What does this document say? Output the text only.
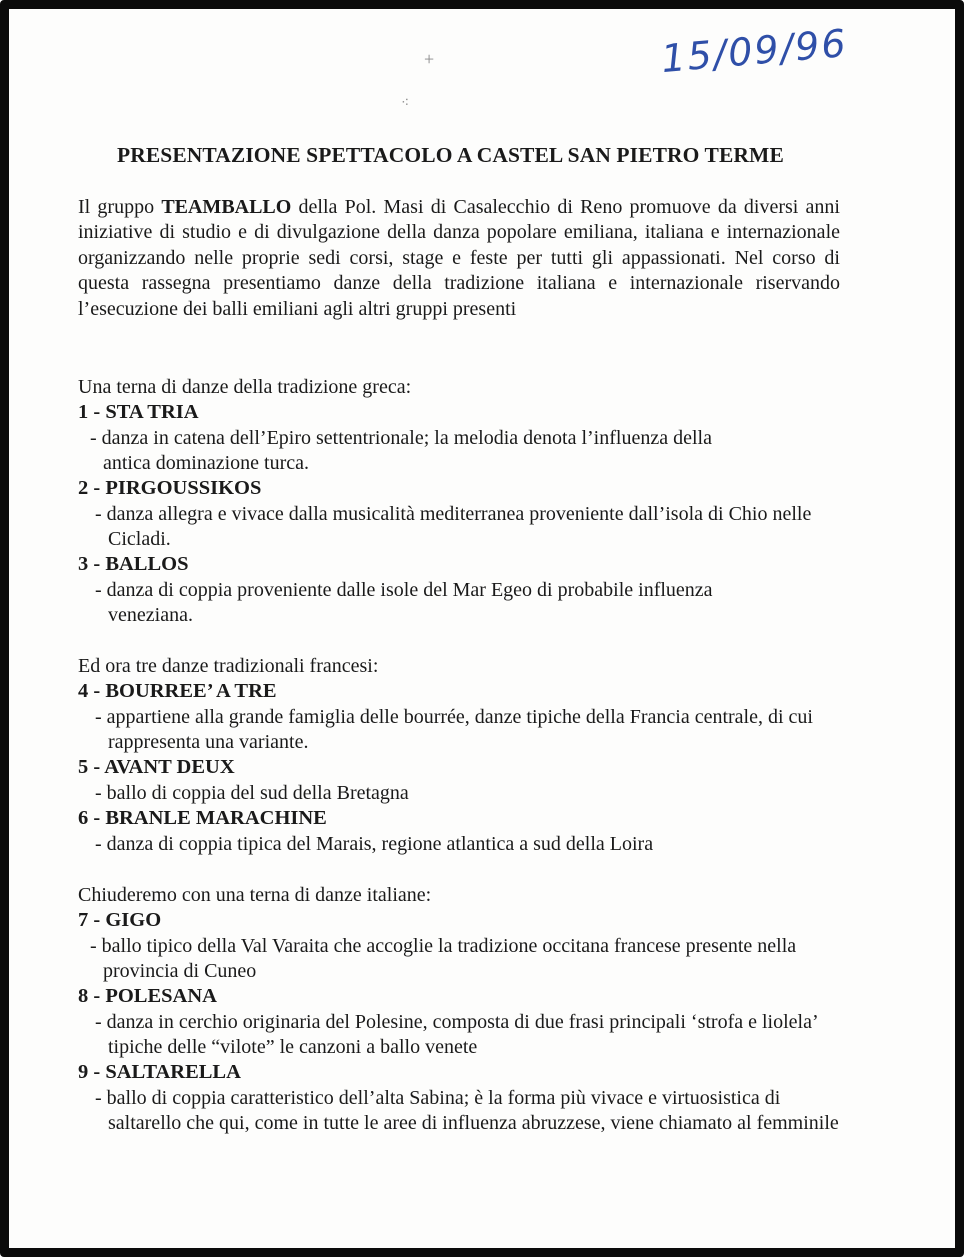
15/09/96
+
⁖
PRESENTAZIONE SPETTACOLO A CASTEL SAN PIETRO TERME
Il gruppo TEAMBALLO della Pol. Masi di Casalecchio di Reno promuove da diversi anni iniziative di studio e di divulgazione della danza popolare emiliana, italiana e internazionale organizzando nelle proprie sedi corsi, stage e feste per tutti gli appassionati. Nel corso di questa rassegna presentiamo danze della tradizione italiana e internazionale riservando l’esecuzione dei balli emiliani agli altri gruppi presenti
Una terna di danze della tradizione greca:
1 - STA TRIA
- danza in catena dell’Epiro settentrionale; la melodia denota l’influenza della antica dominazione turca.
2 - PIRGOUSSIKOS
- danza allegra e vivace dalla musicalità mediterranea proveniente dall’isola di Chio nelle Cicladi.
3 - BALLOS
- danza di coppia proveniente dalle isole del Mar Egeo di probabile influenza veneziana.
Ed ora tre danze tradizionali francesi:
4 - BOURREE’ A TRE
- appartiene alla grande famiglia delle bourrée, danze tipiche della Francia centrale, di cui rappresenta una variante.
5 - AVANT DEUX
- ballo di coppia del sud della Bretagna
6 - BRANLE MARACHINE
- danza di coppia tipica del Marais, regione atlantica a sud della Loira
Chiuderemo con una terna di danze italiane:
7 - GIGO
- ballo tipico della Val Varaita che accoglie la tradizione occitana francese presente nella provincia di Cuneo
8 - POLESANA
- danza in cerchio originaria del Polesine, composta di due frasi principali ‘strofa e liolela’ tipiche delle “vilote” le canzoni a ballo venete
9 - SALTARELLA
- ballo di coppia caratteristico dell’alta Sabina; è la forma più vivace e virtuosistica di saltarello che qui, come in tutte le aree di influenza abruzzese, viene chiamato al femminile
